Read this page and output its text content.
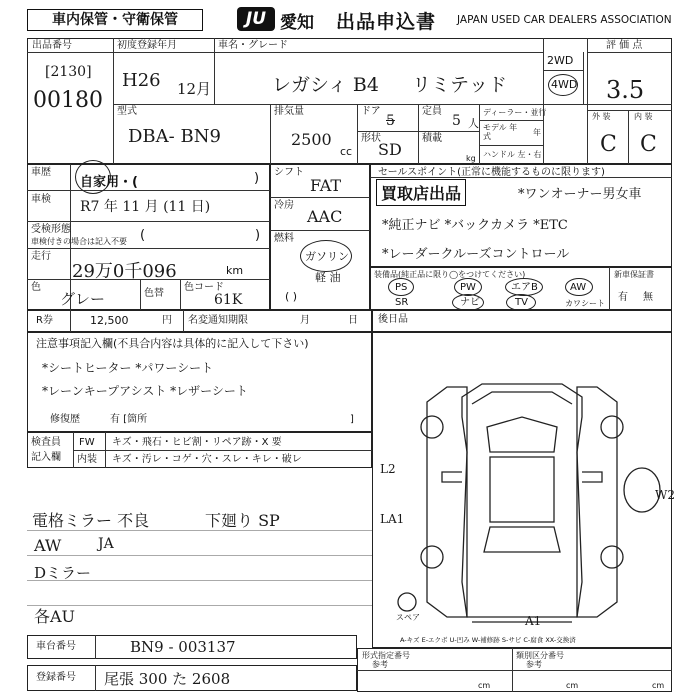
車内保管・守衛保管	JU 愛知 出品申込書 JAPAN USED CAR DEALERS ASSOCIATION
出品番号
[2130]
00180
初度登録年月
H26 12月
車名・グレード
レガシィ B4 リミテッド
2WD
4WD
評 価 点
3.5
型式
DBA- BN9
排気量
2500
cc
ドア
5
定員
5 人
形状
SD
積載
kg
ディーラー・並行
モデル 年式	年
ハンドル 左・右
外 装	内 装
C C
車歴
自家用・(	)
車検 R7 年 11 月 (11 日)
受検形態
車検付きの場合は記入不要 (	)
走行
29万0千096	km
色
グレー	色替
色コード
61K
シフト
FAT
冷房
AAC
燃料
ガソリン
軽 油
( )
セールスポイント(正常に機能するものに限ります)
買取店出品	*ワンオーナー男女車
*純正ナビ *バックカメラ *ETC
*レーダークルーズコントロール
装備品(純正品に限り◯をつけてください)	新車保証書
有 無
PS	PW	エアB	AW
SR	ナビ	TV	カワシート
R券	12,500	円 名変通知期限	月	日 後日品
注意事項記入欄(不具合内容は具体的に記入して下さい)
*シートヒーター *パワーシート
*レーンキープアシスト *レザーシート
修復歴	有 [箇所	]
検査員
記入欄
FW キズ・飛石・ヒビ割・リペア跡・X 要
内装 キズ・汚レ・コゲ・穴・スレ・キレ・破レ
電格ミラー 不良	下廻り SP
AW	JA
Dミラー
各AU
L2
LA1
W2
A1
スペア
A-キズ E-エクボ U-凹み W-補修跡 S-サビ C-腐食 XX-交換済
車台番号	BN9 - 003137
登録番号 尾張 300 た 2608
形式指定番号
参考
類別区分番号
参考
cm	cm	cm
